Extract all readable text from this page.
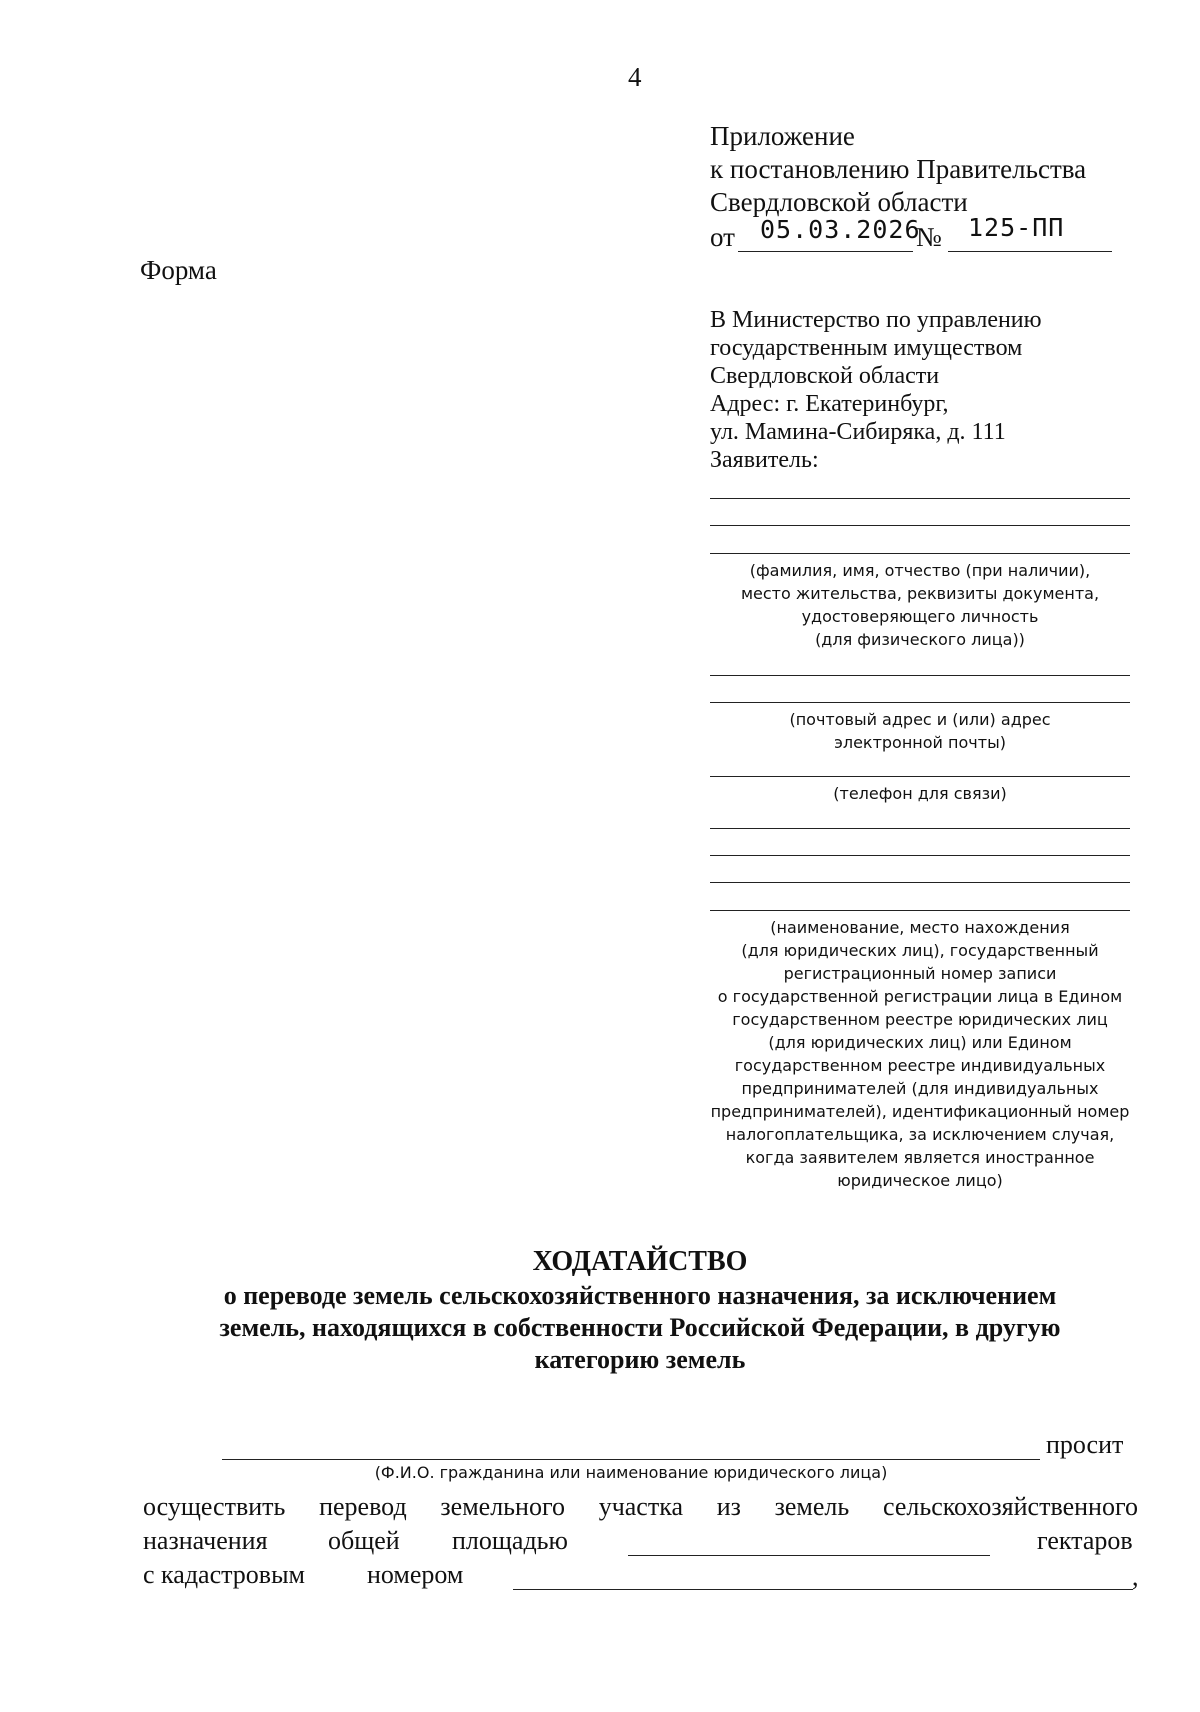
4
Приложение
к постановлению Правительства
Свердловской области
от 05.03.2026
№ 125-ПП
Форма
В Министерство по управлению
государственным имуществом
Свердловской области
Адрес: г. Екатеринбург,
ул. Мамина-Сибиряка, д. 111
Заявитель:
(фамилия, имя, отчество (при наличии),
место жительства, реквизиты документа,
удостоверяющего личность
(для физического лица))
(почтовый адрес и (или) адрес
электронной почты)
(телефон для связи)
(наименование, место нахождения
(для юридических лиц), государственный
регистрационный номер записи
о государственной регистрации лица в Едином
государственном реестре юридических лиц
(для юридических лиц) или Едином
государственном реестре индивидуальных
предпринимателей (для индивидуальных
предпринимателей), идентификационный номер
налогоплательщика, за исключением случая,
когда заявителем является иностранное
юридическое лицо)
ХОДАТАЙСТВО
о переводе земель сельскохозяйственного назначения, за исключением
земель, находящихся в собственности Российской Федерации, в другую
категорию земель
просит
(Ф.И.О. гражданина или наименование юридического лица)
осуществить перевод земельного участка из земель сельскохозяйственного
назначения общей площадью	гектаров
с кадастровым номером	,
